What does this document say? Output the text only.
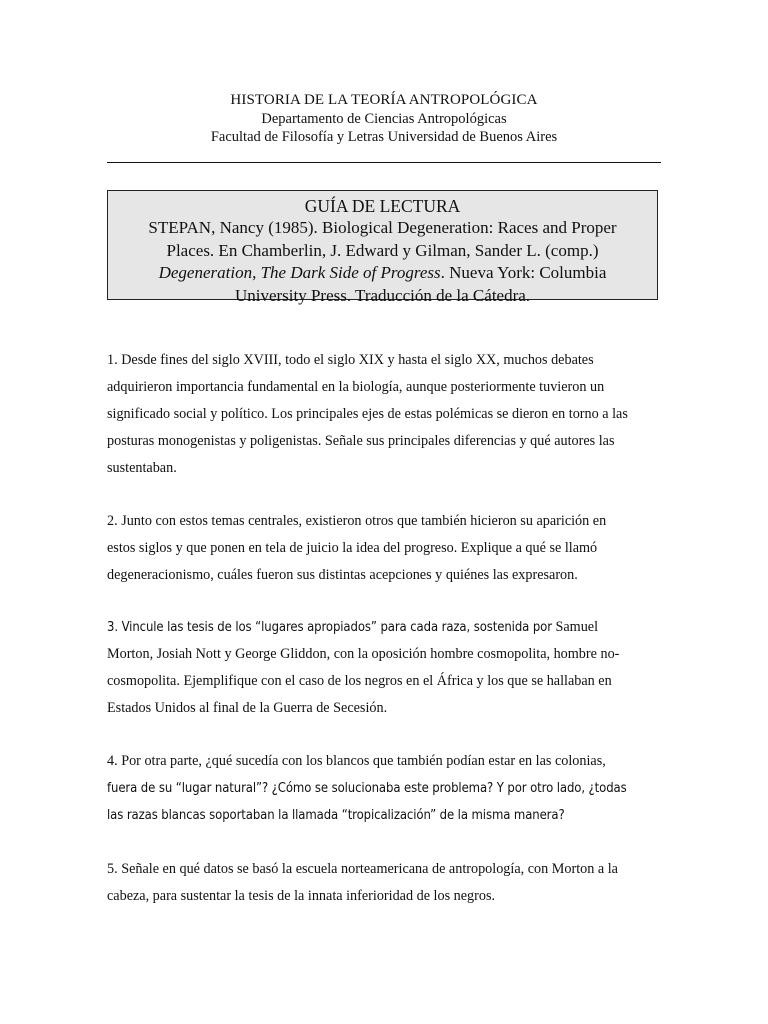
HISTORIA DE LA TEORÍA ANTROPOLÓGICA
Departamento de Ciencias Antropológicas
Facultad de Filosofía y Letras Universidad de Buenos Aires
GUÍA DE LECTURA
STEPAN, Nancy (1985). Biological Degeneration: Races and Proper
Places. En Chamberlin, J. Edward y Gilman, Sander L. (comp.)
Degeneration, The Dark Side of Progress. Nueva York: Columbia
University Press. Traducción de la Cátedra.
1. Desde fines del siglo XVIII, todo el siglo XIX y hasta el siglo XX, muchos debates
adquirieron importancia fundamental en la biología, aunque posteriormente tuvieron un
significado social y político. Los principales ejes de estas polémicas se dieron en torno a las
posturas monogenistas y poligenistas. Señale sus principales diferencias y qué autores las
sustentaban.
2. Junto con estos temas centrales, existieron otros que también hicieron su aparición en
estos siglos y que ponen en tela de juicio la idea del progreso. Explique a qué se llamó
degeneracionismo, cuáles fueron sus distintas acepciones y quiénes las expresaron.
3. Vincule las tesis de los “lugares apropiados” para cada raza, sostenida por Samuel
Morton, Josiah Nott y George Gliddon, con la oposición hombre cosmopolita, hombre no-
cosmopolita. Ejemplifique con el caso de los negros en el África y los que se hallaban en
Estados Unidos al final de la Guerra de Secesión.
4. Por otra parte, ¿qué sucedía con los blancos que también podían estar en las colonias,
fuera de su “lugar natural”? ¿Cómo se solucionaba este problema? Y por otro lado, ¿todas
las razas blancas soportaban la llamada “tropicalización” de la misma manera?
5. Señale en qué datos se basó la escuela norteamericana de antropología, con Morton a la
cabeza, para sustentar la tesis de la innata inferioridad de los negros.
